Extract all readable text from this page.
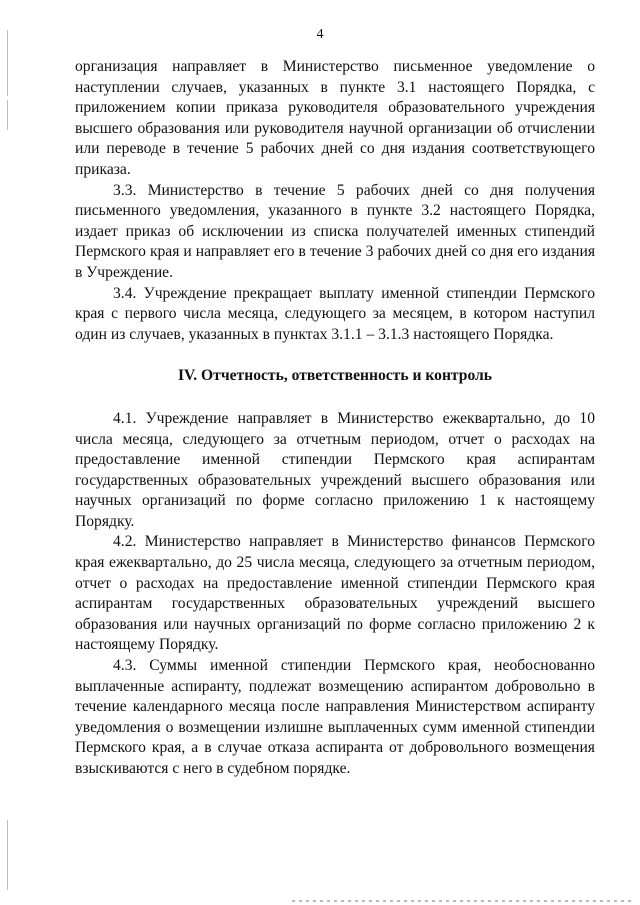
4

организация направляет в Министерство письменное уведомление о наступлении случаев, указанных в пункте 3.1 настоящего Порядка, с приложением копии приказа руководителя образовательного учреждения высшего образования или руководителя научной организации об отчислении или переводе в течение 5 рабочих дней со дня издания соответствующего приказа.

3.3. Министерство в течение 5 рабочих дней со дня получения письменного уведомления, указанного в пункте 3.2 настоящего Порядка, издает приказ об исключении из списка получателей именных стипендий Пермского края и направляет его в течение 3 рабочих дней со дня его издания в Учреждение.

3.4. Учреждение прекращает выплату именной стипендии Пермского края с первого числа месяца, следующего за месяцем, в котором наступил один из случаев, указанных в пунктах 3.1.1 – 3.1.3 настоящего Порядка.

IV. Отчетность, ответственность и контроль

4.1. Учреждение направляет в Министерство ежеквартально, до 10 числа месяца, следующего за отчетным периодом, отчет о расходах на предоставление именной стипендии Пермского края аспирантам государственных образовательных учреждений высшего образования или научных организаций по форме согласно приложению 1 к настоящему Порядку.

4.2. Министерство направляет в Министерство финансов Пермского края ежеквартально, до 25 числа месяца, следующего за отчетным периодом, отчет о расходах на предоставление именной стипендии Пермского края аспирантам государственных образовательных учреждений высшего образования или научных организаций по форме согласно приложению 2 к настоящему Порядку.

4.3. Суммы именной стипендии Пермского края, необоснованно выплаченные аспиранту, подлежат возмещению аспирантом добровольно в течение календарного месяца после направления Министерством аспиранту уведомления о возмещении излишне выплаченных сумм именной стипендии Пермского края, а в случае отказа аспиранта от добровольного возмещения взыскиваются с него в судебном порядке.
